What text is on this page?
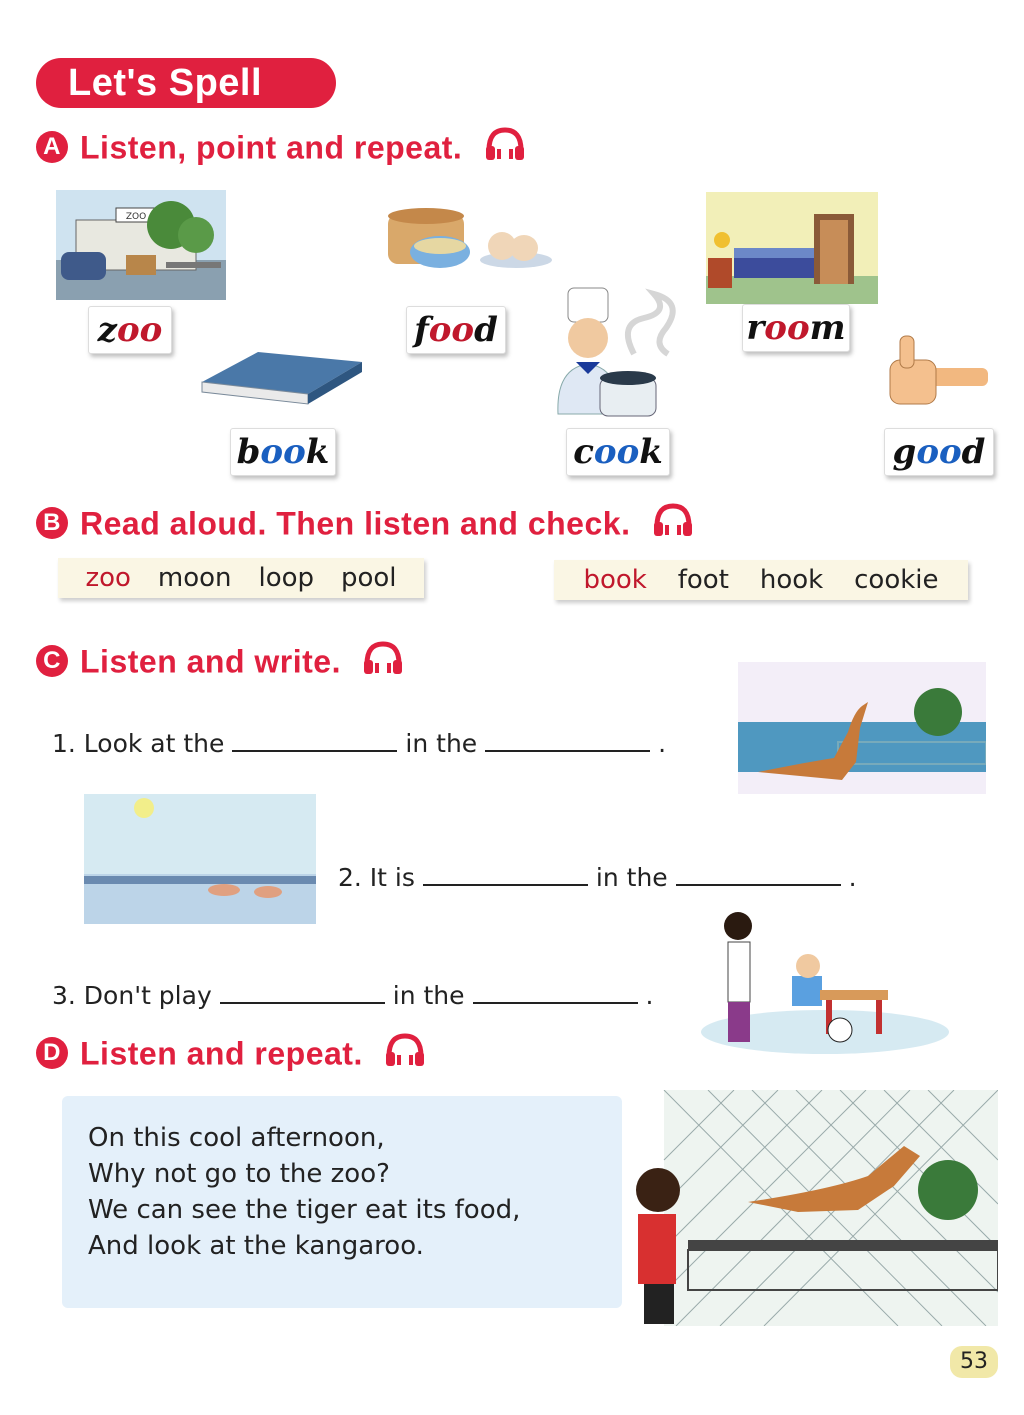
Let's Spell
A Listen, point and repeat.
ZOO
zoo	food	room
book	cook	good
B Read aloud. Then listen and check.
zoo moon loop pool	book foot hook cookie
C Listen and write.
1. Look at the	in the	.
2. It is	in the	.
3. Don't play	in the	.
D Listen and repeat.
On this cool afternoon,
Why not go to the zoo?
We can see the tiger eat its food,
And look at the kangaroo.
53
